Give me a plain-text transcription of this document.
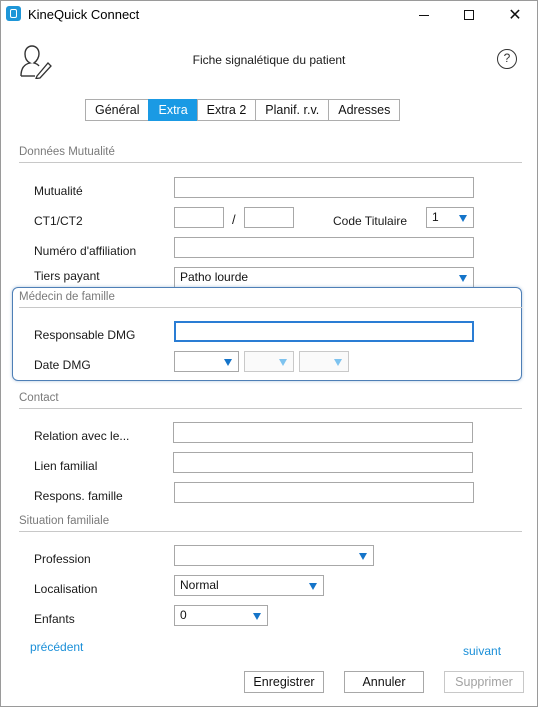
KineQuick Connect	✕
Fiche signalétique du patient	?
Général	Extra	Extra 2	Planif. r.v.	Adresses
Données Mutualité
Mutualité
CT1/CT2	/	Code Titulaire	1
Numéro d'affiliation
Tiers payant	Patho lourde
Médecin de famille
Responsable DMG
Date DMG
Contact
Relation avec le...
Lien familial
Respons. famille
Situation familiale
Profession
Localisation	Normal
Enfants	0
précédent	suivant
Enregistrer	Annuler	Supprimer
